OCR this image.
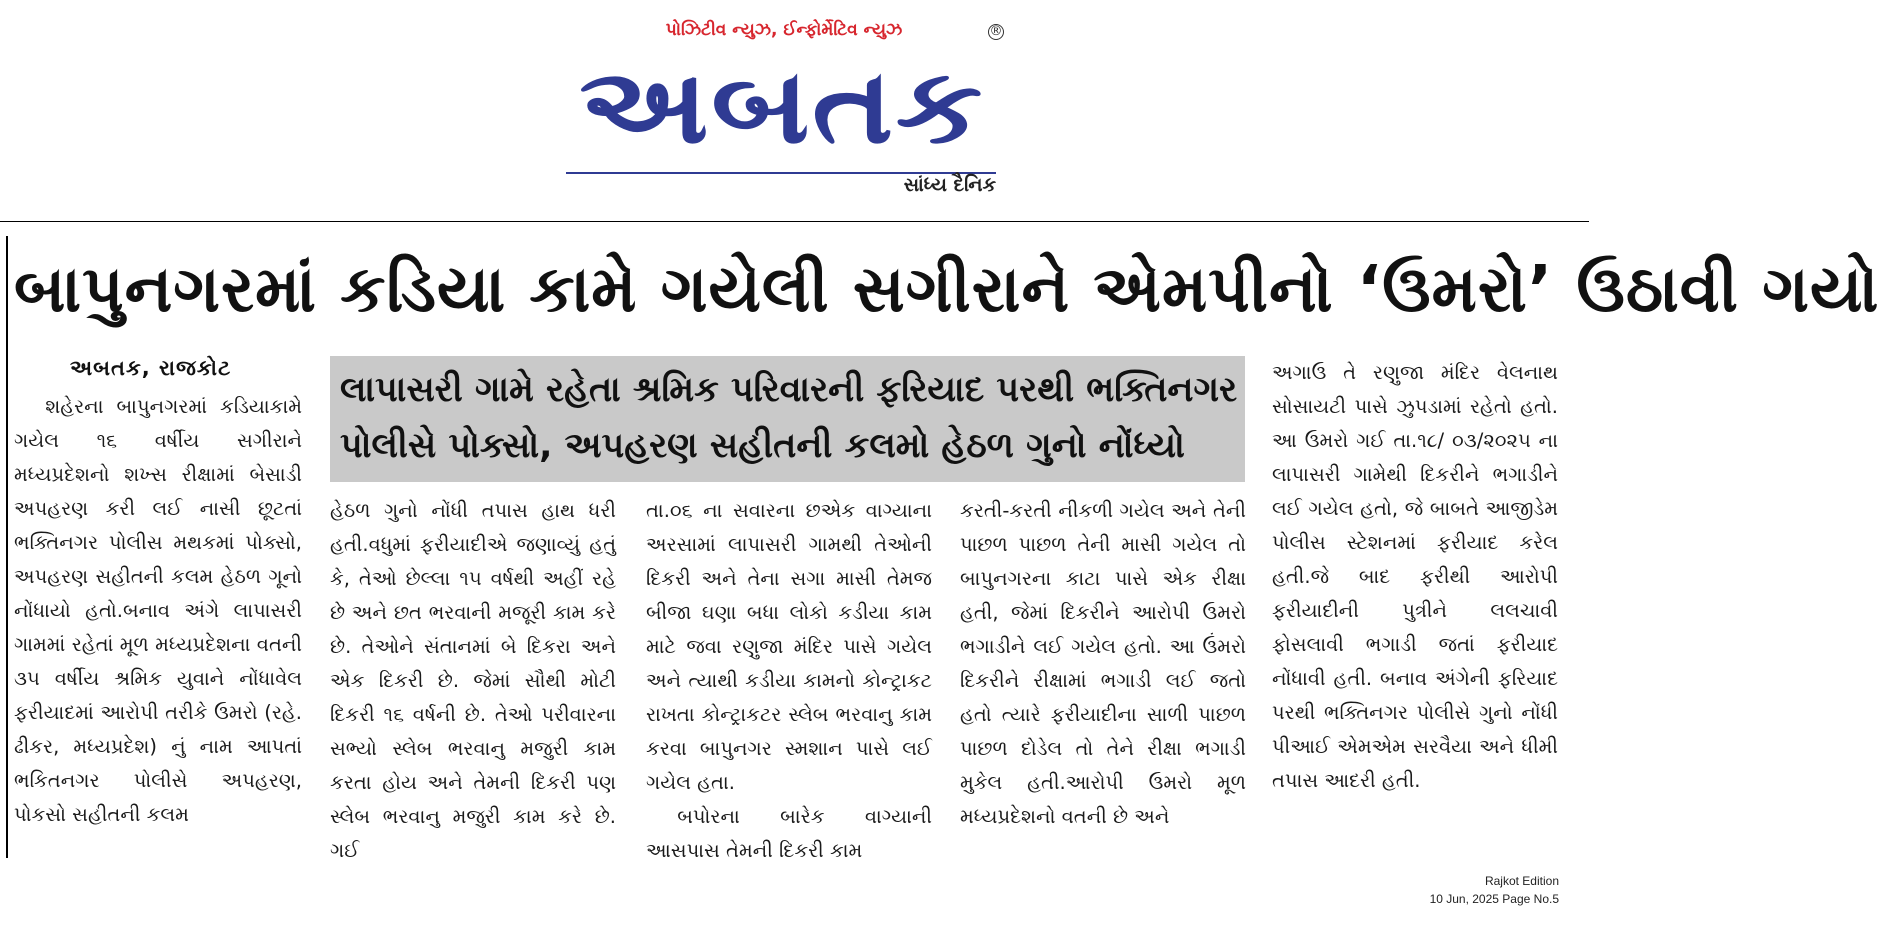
પોઝિટીવ ન્યુઝ, ઈન્ફોર્મેટિવ ન્યુઝ	®
અબતક
સાંધ્ય દૈનિક
બાપુનગરમાં કડિયા કામે ગયેલી સગીરાને એમપીનો ‘ઉમરો’ ઉઠાવી ગયો
અબતક, રાજકોટ

શહેરના બાપુનગરમાં કડિયાકામે ગયેલ ૧૬ વર્ષીય સગીરાને મધ્યપ્રદેશનો શખ્સ રીક્ષામાં બેસાડી અપહરણ કરી લઈ નાસી છૂટતાં ભક્તિનગર પોલીસ મથકમાં પોક્સો, અપહરણ સહીતની કલમ હેઠળ ગૂનો નોંધાયો હતો.બનાવ અંગે લાપાસરી ગામમાં રહેતાં મૂળ મધ્યપ્રદેશના વતની ૩૫ વર્ષીય શ્રમિક યુવાને નોંધાવેલ ફરીયાદમાં આરોપી તરીકે ઉમરો (રહે. ઢીકર, મધ્યપ્રદેશ) નું નામ આપતાં ભકિતનગર પોલીસે અપહરણ, પોકસો સહીતની કલમ

લાપાસરી ગામે રહેતા શ્રમિક પરિવારની ફરિયાદ પરથી ભક્તિનગર
પોલીસે પોક્સો, અપહરણ સહીતની કલમો હેઠળ ગુનો નોંધ્યો

હેઠળ ગુનો નોંધી તપાસ હાથ ધરી હતી.વધુમાં ફરીયાદીએ જણાવ્યું હતું કે, તેઓ છેલ્લા ૧૫ વર્ષથી અહીં રહે છે અને છત ભરવાની મજૂરી કામ કરે છે. તેઓને સંતાનમાં બે દિકરા અને એક દિકરી છે. જેમાં સૌથી મોટી દિકરી ૧૬ વર્ષની છે. તેઓ પરીવારના સભ્યો સ્લેબ ભરવાનુ મજુરી કામ કરતા હોય અને તેમની દિકરી પણ સ્લેબ ભરવાનુ મજુરી કામ કરે છે. ગઈ

તા.૦૬ ના સવારના છએક વાગ્યાના અરસામાં લાપાસરી ગામથી તેઓની દિકરી અને તેના સગા માસી તેમજ બીજા ઘણા બધા લોકો કડીયા કામ માટે જવા રણુજા મંદિર પાસે ગયેલ અને ત્યાથી કડીયા કામનો કોન્ટ્રાકટ રાખતા કોન્ટ્રાકટર સ્લેબ ભરવાનુ કામ કરવા બાપુનગર સ્મશાન પાસે લઈ ગયેલ હતા.

બપોરના બારેક વાગ્યાની આસપાસ તેમની દિકરી કામ

કરતી-કરતી નીકળી ગયેલ અને તેની પાછળ પાછળ તેની માસી ગયેલ તો બાપુનગરના કાટા પાસે એક રીક્ષા હતી, જેમાં દિકરીને આરોપી ઉમરો ભગાડીને લઈ ગયેલ હતો. આ ઉંમરો દિકરીને રીક્ષામાં ભગાડી લઈ જતો હતો ત્યારે ફરીયાદીના સાળી પાછળ પાછળ દોડેલ તો તેને રીક્ષા ભગાડી મુકેલ હતી.આરોપી ઉમરો મૂળ મધ્યપ્રદેશનો વતની છે અને

અગાઉ તે રણુજા મંદિર વેલનાથ સોસાયટી પાસે ઝુપડામાં રહેતો હતો. આ ઉમરો ગઈ તા.૧૮/ ૦૩/૨૦૨૫ ના લાપાસરી ગામેથી દિકરીને ભગાડીને લઈ ગયેલ હતો, જે બાબતે આજીડેમ પોલીસ સ્ટેશનમાં ફરીયાદ કરેલ હતી.જે બાદ ફરીથી આરોપી ફરીયાદીની પુત્રીને લલચાવી ફોસલાવી ભગાડી જતાં ફરીયાદ નોંધાવી હતી. બનાવ અંગેની ફરિયાદ પરથી ભક્તિનગર પોલીસે ગુનો નોંધી પીઆઈ એમએમ સરવૈયા અને ધીમી તપાસ આદરી હતી.

Rajkot Edition
10 Jun, 2025 Page No.5
